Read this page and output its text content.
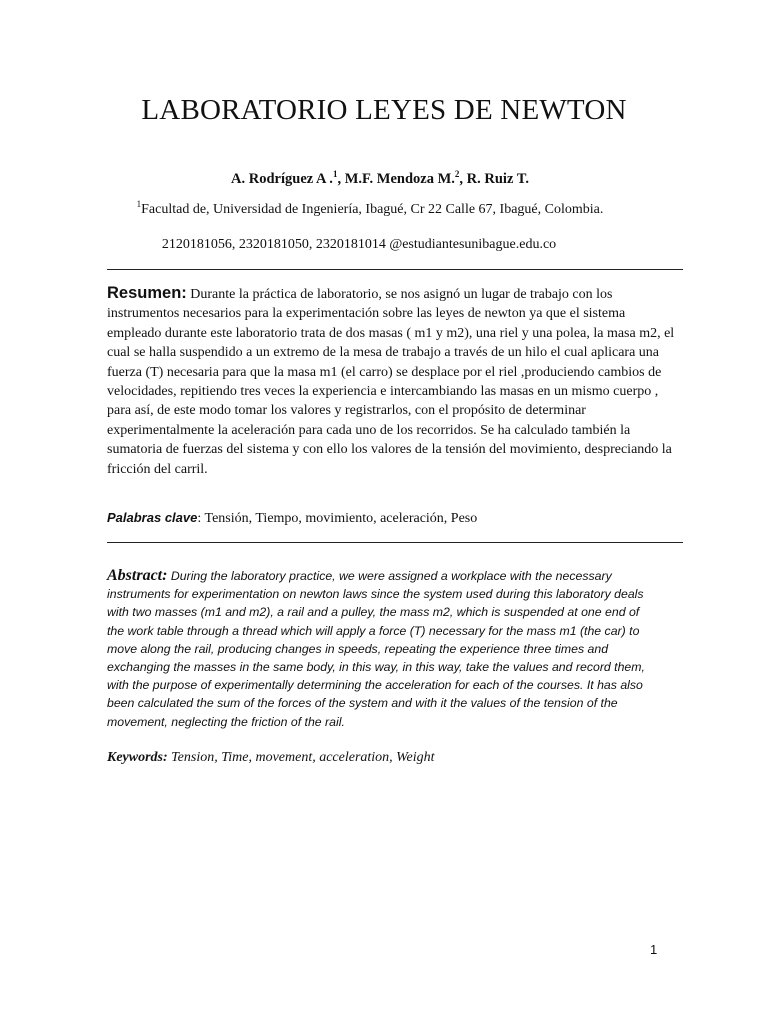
LABORATORIO LEYES DE NEWTON
A. Rodríguez A .$^1$, M.F. Mendoza M.$^2$, R. Ruiz T.
$^1$Facultad de, Universidad de Ingeniería, Ibagué, Cr 22 Calle 67, Ibagué, Colombia.
2120181056, 2320181050, 2320181014 @estudiantesunibague.edu.co
Resumen: Durante la práctica de laboratorio, se nos asignó un lugar de trabajo con los instrumentos necesarios para la experimentación sobre las leyes de newton ya que el sistema empleado durante este laboratorio trata de dos masas ( m1 y m2), una riel y una polea, la masa m2, el cual se halla suspendido a un extremo de la mesa de trabajo a través de un hilo el cual aplicara una fuerza (T) necesaria para que la masa m1 (el carro) se desplace por el riel ,produciendo cambios de velocidades, repitiendo tres veces la experiencia e intercambiando las masas en un mismo cuerpo , para así, de este modo tomar los valores y registrarlos, con el propósito de determinar experimentalmente la aceleración para cada uno de los recorridos. Se ha calculado también la sumatoria de fuerzas del sistema y con ello los valores de la tensión del movimiento, despreciando la fricción del carril.
Palabras clave: Tensión, Tiempo, movimiento, aceleración, Peso
Abstract: During the laboratory practice, we were assigned a workplace with the necessary instruments for experimentation on newton laws since the system used during this laboratory deals with two masses (m1 and m2), a rail and a pulley, the mass m2, which is suspended at one end of the work table through a thread which will apply a force (T) necessary for the mass m1 (the car) to move along the rail, producing changes in speeds, repeating the experience three times and exchanging the masses in the same body, in this way, in this way, take the values and record them, with the purpose of experimentally determining the acceleration for each of the courses. It has also been calculated the sum of the forces of the system and with it the values of the tension of the movement, neglecting the friction of the rail.
Keywords: Tension, Time, movement, acceleration, Weight
1
